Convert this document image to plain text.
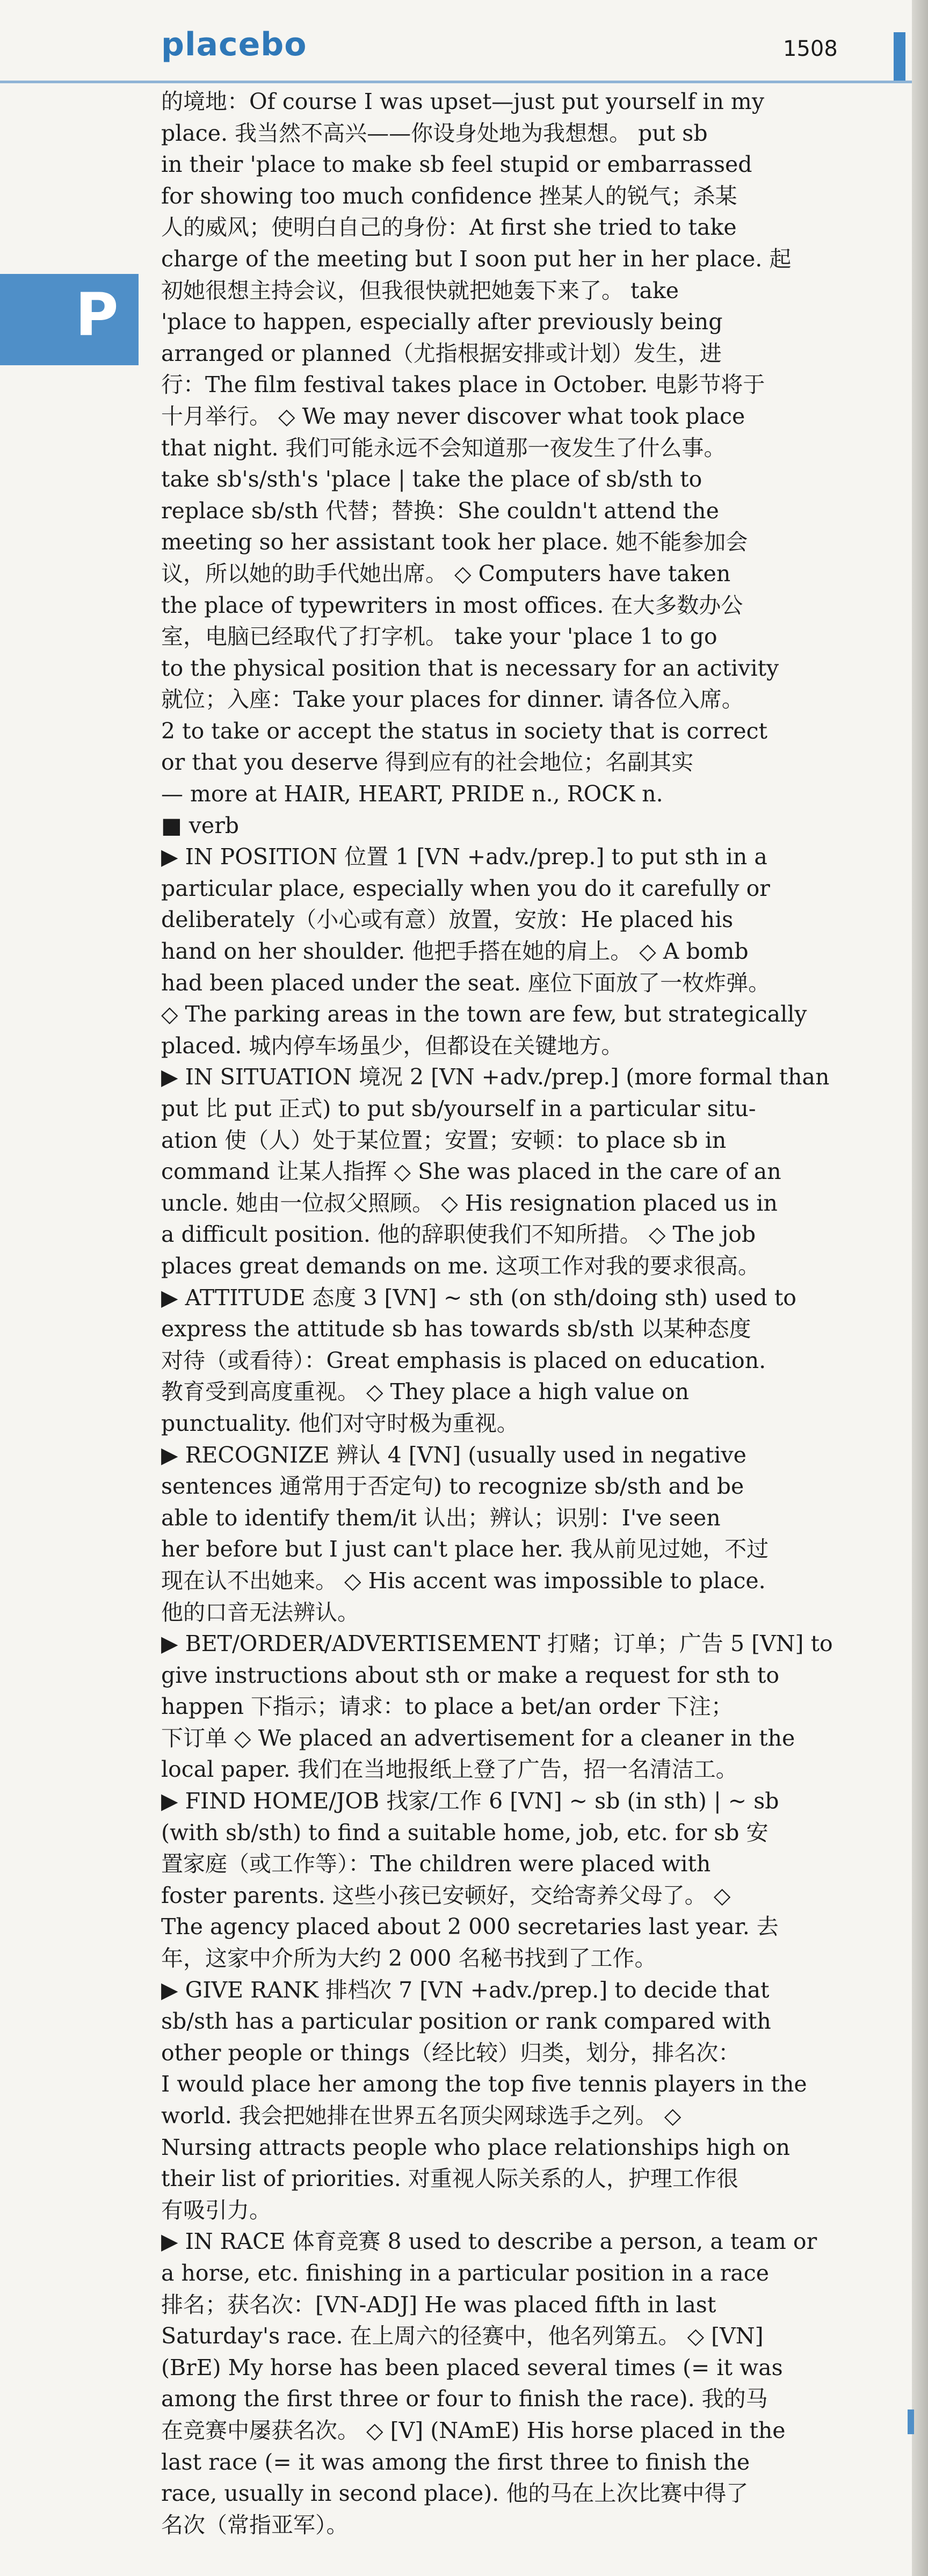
placebo	1508
P
的境地：Of course I was upset—just put yourself in my
place. 我当然不高兴——你设身处地为我想想。 put sb
in their 'place to make sb feel stupid or embarrassed
for showing too much confidence 挫某人的锐气；杀某
人的威风；使明白自己的身份：At first she tried to take
charge of the meeting but I soon put her in her place. 起
初她很想主持会议，但我很快就把她轰下来了。 take
'place to happen, especially after previously being
arranged or planned（尤指根据安排或计划）发生，进
行：The film festival takes place in October. 电影节将于
十月举行。 ◇ We may never discover what took place
that night. 我们可能永远不会知道那一夜发生了什么事。
take sb's/sth's 'place | take the place of sb/sth to
replace sb/sth 代替；替换：She couldn't attend the
meeting so her assistant took her place. 她不能参加会
议，所以她的助手代她出席。 ◇ Computers have taken
the place of typewriters in most offices. 在大多数办公
室，电脑已经取代了打字机。 take your 'place 1 to go
to the physical position that is necessary for an activity
就位；入座：Take your places for dinner. 请各位入席。
2 to take or accept the status in society that is correct
or that you deserve 得到应有的社会地位；名副其实
— more at HAIR, HEART, PRIDE n., ROCK n.
■ verb
▶ IN POSITION 位置 1 [VN +adv./prep.] to put sth in a
particular place, especially when you do it carefully or
deliberately（小心或有意）放置，安放：He placed his
hand on her shoulder. 他把手搭在她的肩上。 ◇ A bomb
had been placed under the seat. 座位下面放了一枚炸弹。
◇ The parking areas in the town are few, but strategically
placed. 城内停车场虽少，但都设在关键地方。
▶ IN SITUATION 境况 2 [VN +adv./prep.] (more formal than
put 比 put 正式) to put sb/yourself in a particular situ-
ation 使（人）处于某位置；安置；安顿：to place sb in
command 让某人指挥 ◇ She was placed in the care of an
uncle. 她由一位叔父照顾。 ◇ His resignation placed us in
a difficult position. 他的辞职使我们不知所措。 ◇ The job
places great demands on me. 这项工作对我的要求很高。
▶ ATTITUDE 态度 3 [VN] ~ sth (on sth/doing sth) used to
express the attitude sb has towards sb/sth 以某种态度
对待（或看待）：Great emphasis is placed on education.
教育受到高度重视。 ◇ They place a high value on
punctuality. 他们对守时极为重视。
▶ RECOGNIZE 辨认 4 [VN] (usually used in negative
sentences 通常用于否定句) to recognize sb/sth and be
able to identify them/it 认出；辨认；识别：I've seen
her before but I just can't place her. 我从前见过她，不过
现在认不出她来。 ◇ His accent was impossible to place.
他的口音无法辨认。
▶ BET/ORDER/ADVERTISEMENT 打赌；订单；广告 5 [VN] to
give instructions about sth or make a request for sth to
happen 下指示；请求：to place a bet/an order 下注；
下订单 ◇ We placed an advertisement for a cleaner in the
local paper. 我们在当地报纸上登了广告，招一名清洁工。
▶ FIND HOME/JOB 找家/工作 6 [VN] ~ sb (in sth) | ~ sb
(with sb/sth) to find a suitable home, job, etc. for sb 安
置家庭（或工作等）：The children were placed with
foster parents. 这些小孩已安顿好，交给寄养父母了。 ◇
The agency placed about 2 000 secretaries last year. 去
年，这家中介所为大约 2 000 名秘书找到了工作。
▶ GIVE RANK 排档次 7 [VN +adv./prep.] to decide that
sb/sth has a particular position or rank compared with
other people or things（经比较）归类，划分，排名次：
I would place her among the top five tennis players in the
world. 我会把她排在世界五名顶尖网球选手之列。 ◇
Nursing attracts people who place relationships high on
their list of priorities. 对重视人际关系的人，护理工作很
有吸引力。
▶ IN RACE 体育竞赛 8 used to describe a person, a team or
a horse, etc. finishing in a particular position in a race
排名；获名次：[VN-ADJ] He was placed fifth in last
Saturday's race. 在上周六的径赛中，他名列第五。 ◇ [VN]
(BrE) My horse has been placed several times (= it was
among the first three or four to finish the race). 我的马
在竞赛中屡获名次。 ◇ [V] (NAmE) His horse placed in the
last race (= it was among the first three to finish the
race, usually in second place). 他的马在上次比赛中得了
名次（常指亚军）。
